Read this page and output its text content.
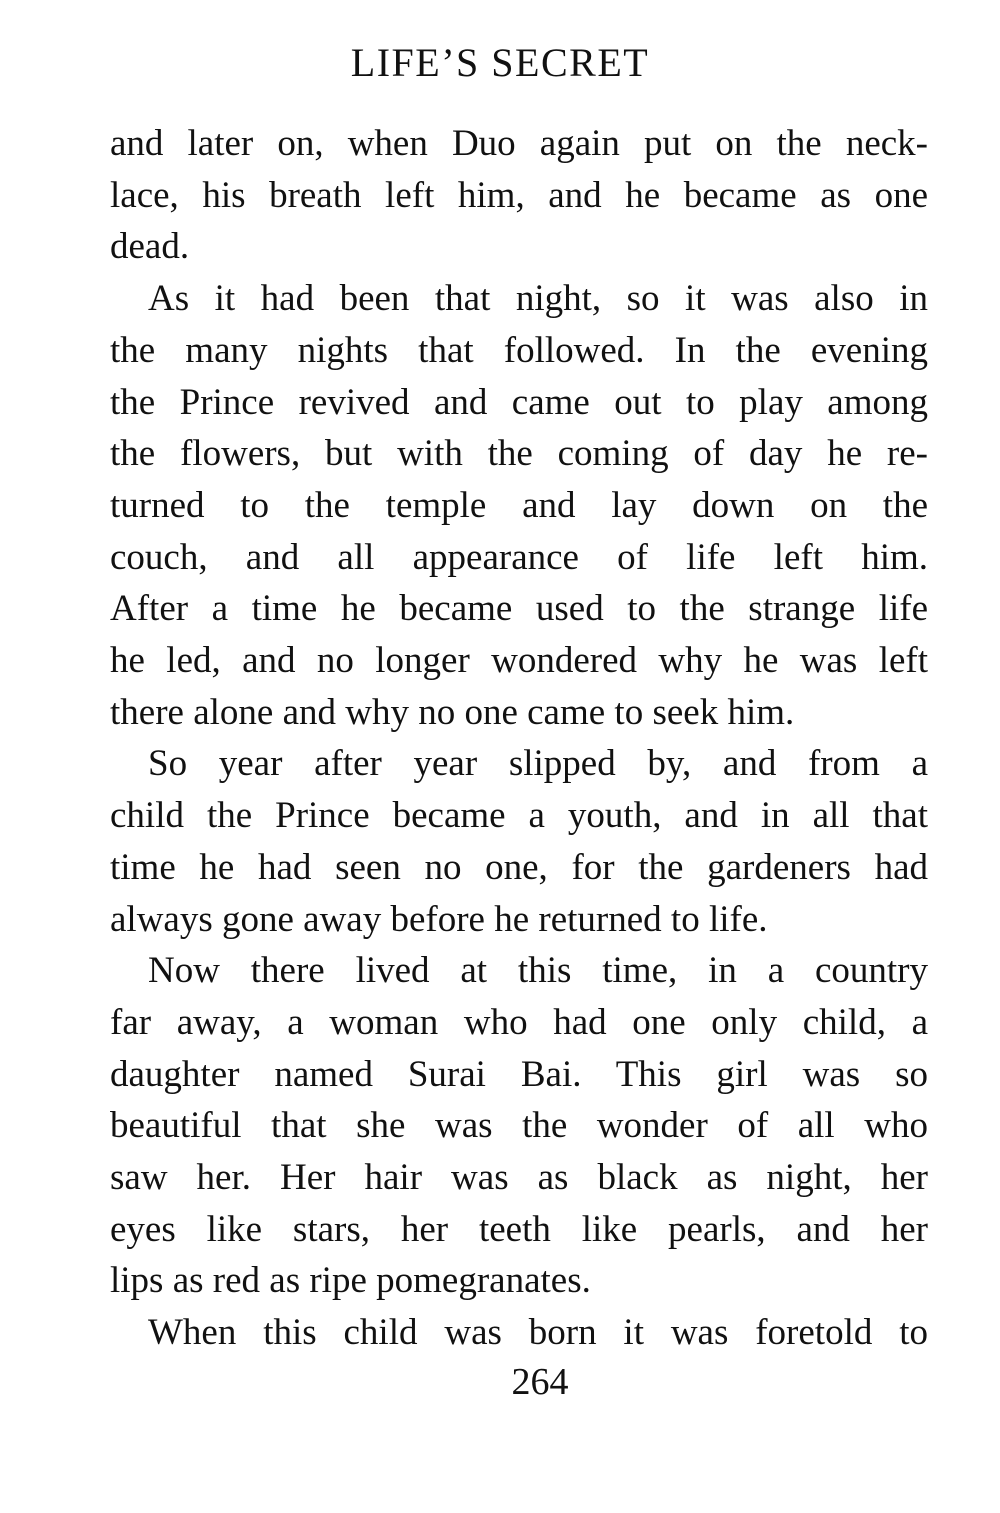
LIFE’S SECRET

and later on, when Duo again put on the neck-

lace, his breath left him, and he became as one

dead.

As it had been that night, so it was also in

the many nights that followed. In the evening

the Prince revived and came out to play among

the flowers, but with the coming of day he re-

turned to the temple and lay down on the

couch, and all appearance of life left him.

After a time he became used to the strange life

he led, and no longer wondered why he was left

there alone and why no one came to seek him.

So year after year slipped by, and from a

child the Prince became a youth, and in all that

time he had seen no one, for the gardeners had

always gone away before he returned to life.

Now there lived at this time, in a country

far away, a woman who had one only child, a

daughter named Surai Bai. This girl was so

beautiful that she was the wonder of all who

saw her. Her hair was as black as night, her

eyes like stars, her teeth like pearls, and her

lips as red as ripe pomegranates.

When this child was born it was foretold to

264
